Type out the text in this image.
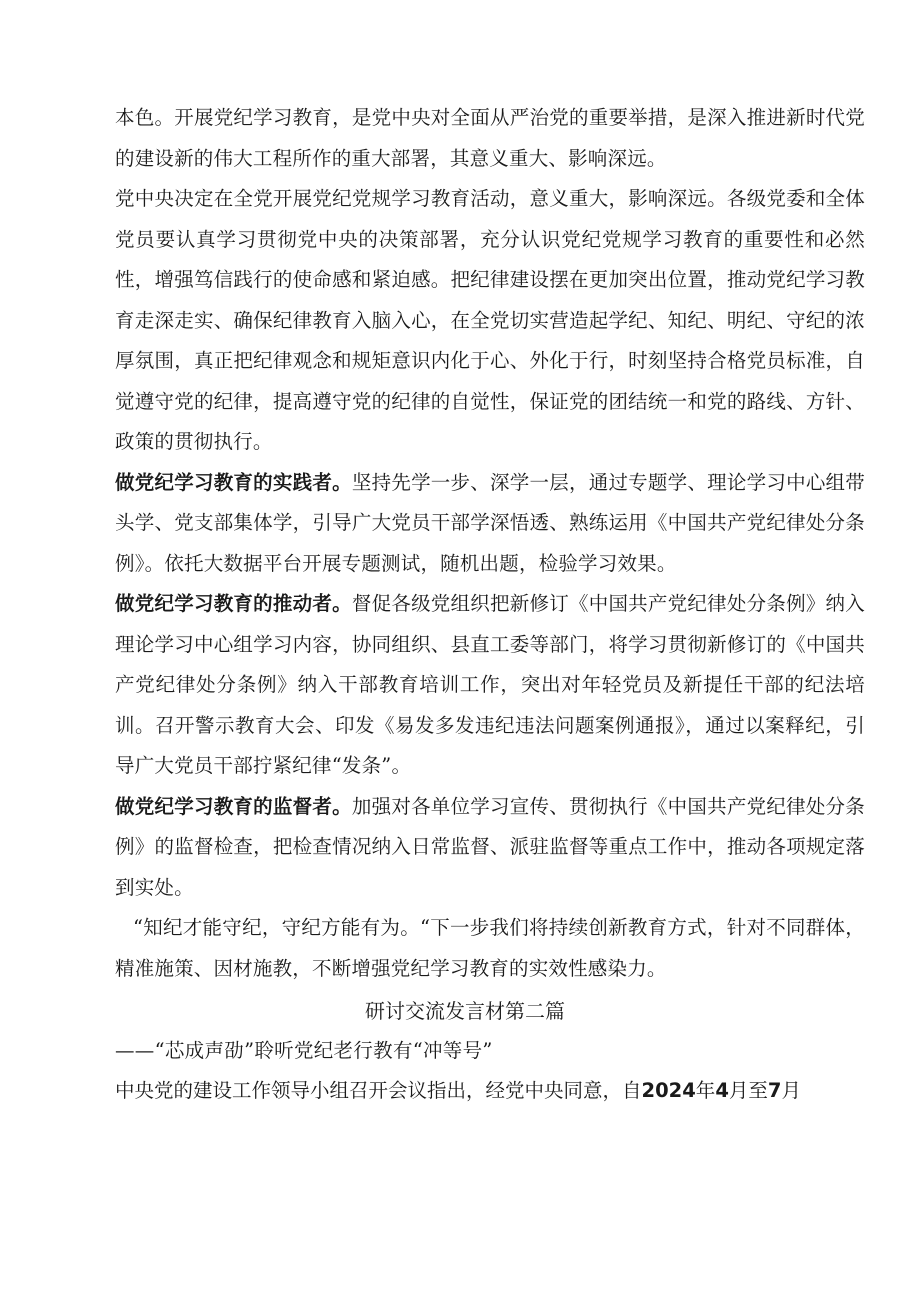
本色。开展党纪学习教育，是党中央对全面从严治党的重要举措，是深入推进新时代党的建设新的伟大工程所作的重大部署，其意义重大、影响深远。

党中央决定在全党开展党纪党规学习教育活动，意义重大，影响深远。各级党委和全体党员要认真学习贯彻党中央的决策部署，充分认识党纪党规学习教育的重要性和必然性，增强笃信践行的使命感和紧迫感。把纪律建设摆在更加突出位置，推动党纪学习教育走深走实、确保纪律教育入脑入心，在全党切实营造起学纪、知纪、明纪、守纪的浓厚氛围，真正把纪律观念和规矩意识内化于心、外化于行，时刻坚持合格党员标准，自觉遵守党的纪律，提高遵守党的纪律的自觉性，保证党的团结统一和党的路线、方针、政策的贯彻执行。

做党纪学习教育的实践者。坚持先学一步、深学一层，通过专题学、理论学习中心组带头学、党支部集体学，引导广大党员干部学深悟透、熟练运用《中国共产党纪律处分条例》。依托大数据平台开展专题测试，随机出题，检验学习效果。

做党纪学习教育的推动者。督促各级党组织把新修订《中国共产党纪律处分条例》纳入理论学习中心组学习内容，协同组织、县直工委等部门，将学习贯彻新修订的《中国共产党纪律处分条例》纳入干部教育培训工作，突出对年轻党员及新提任干部的纪法培训。召开警示教育大会、印发《易发多发违纪违法问题案例通报》，通过以案释纪，引导广大党员干部拧紧纪律“发条”。

做党纪学习教育的监督者。加强对各单位学习宣传、贯彻执行《中国共产党纪律处分条例》的监督检查，把检查情况纳入日常监督、派驻监督等重点工作中，推动各项规定落到实处。

“知纪才能守纪，守纪方能有为。“下一步我们将持续创新教育方式，针对不同群体，精准施策、因材施教，不断增强党纪学习教育的实效性感染力。

研讨交流发言材第二篇

——“芯成声劭”聆听党纪老行教有“冲等号”

中央党的建设工作领导小组召开会议指出，经党中央同意，自2024年4月至7月
